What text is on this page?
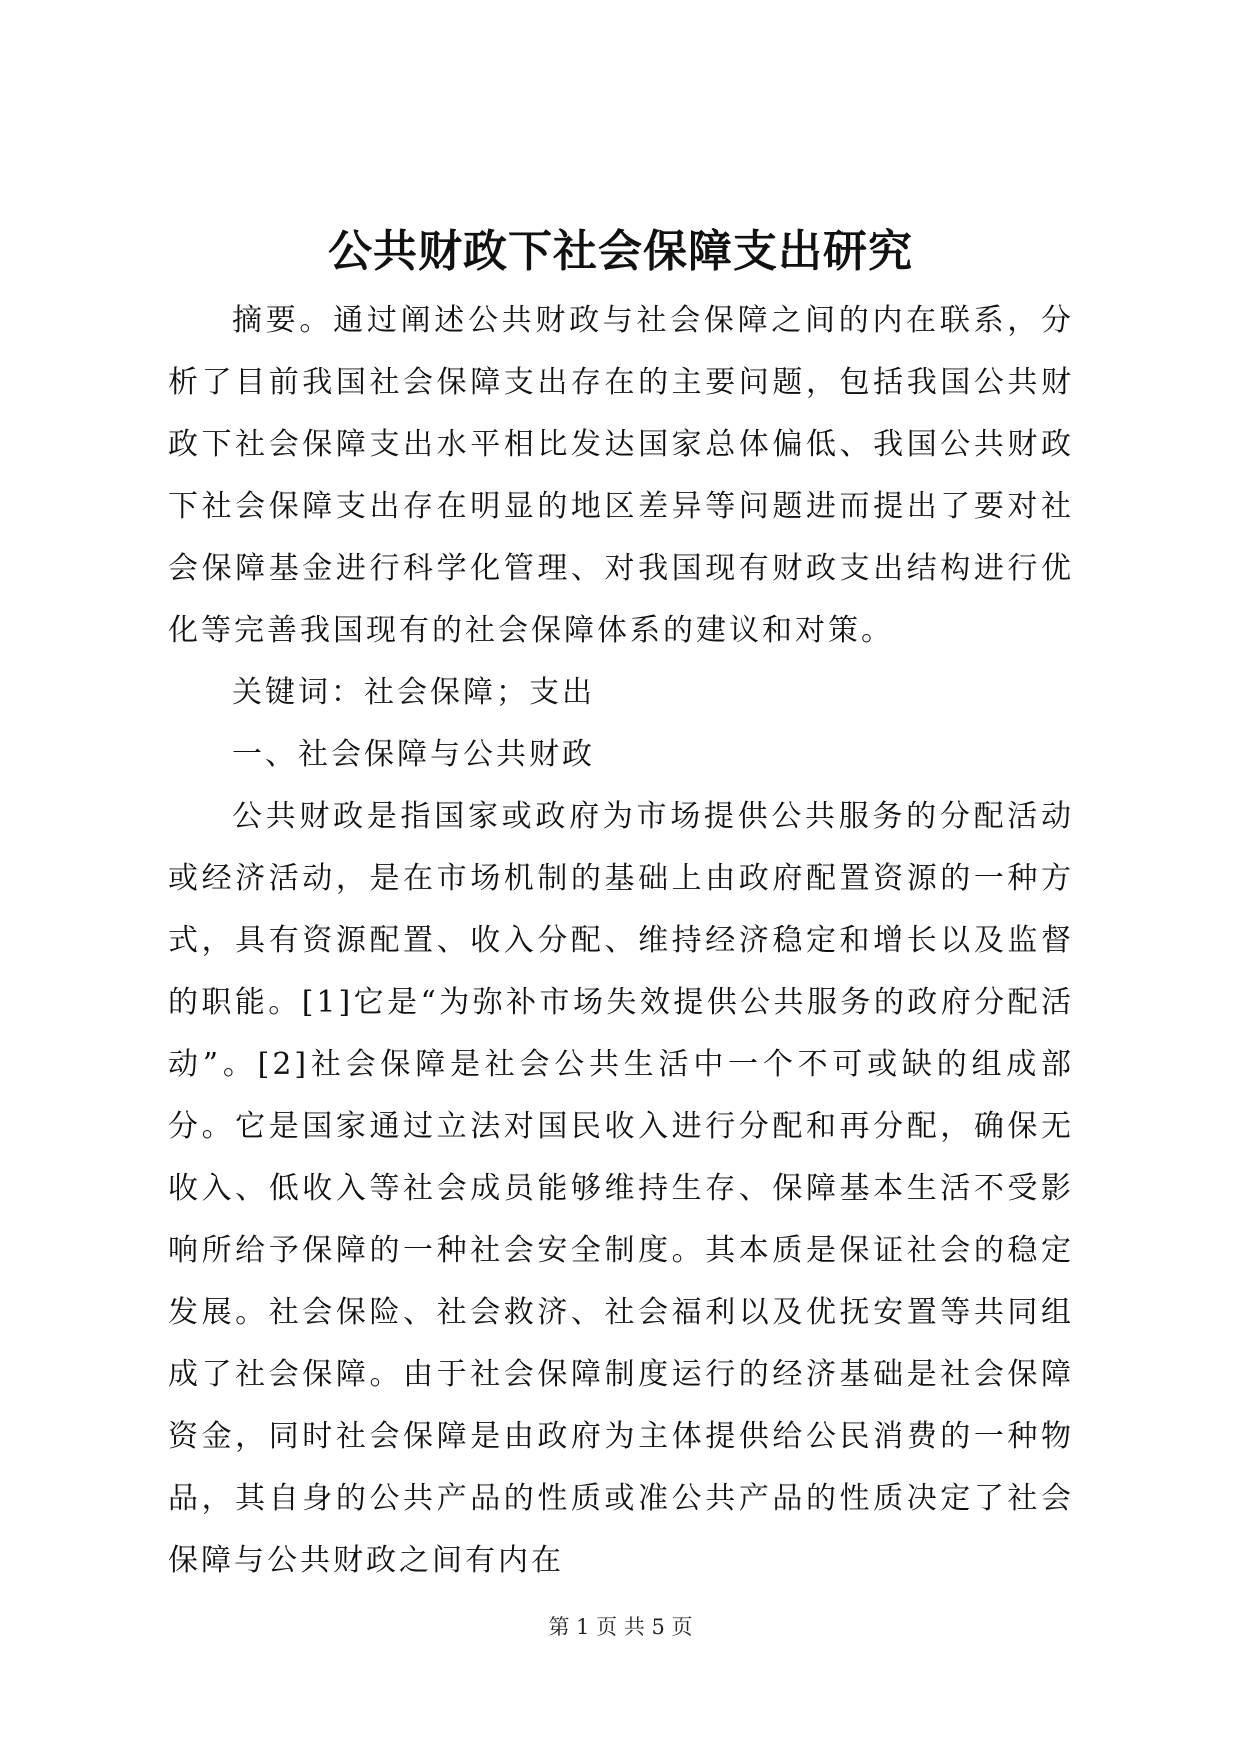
公共财政下社会保障支出研究

摘要。通过阐述公共财政与社会保障之间的内在联系，分析了目前我国社会保障支出存在的主要问题，包括我国公共财政下社会保障支出水平相比发达国家总体偏低、我国公共财政下社会保障支出存在明显的地区差异等问题进而提出了要对社会保障基金进行科学化管理、对我国现有财政支出结构进行优化等完善我国现有的社会保障体系的建议和对策。

关键词：社会保障；支出

一、社会保障与公共财政

公共财政是指国家或政府为市场提供公共服务的分配活动或经济活动，是在市场机制的基础上由政府配置资源的一种方式，具有资源配置、收入分配、维持经济稳定和增长以及监督的职能。[1]它是“为弥补市场失效提供公共服务的政府分配活动”。[2]社会保障是社会公共生活中一个不可或缺的组成部分。它是国家通过立法对国民收入进行分配和再分配，确保无收入、低收入等社会成员能够维持生存、保障基本生活不受影响所给予保障的一种社会安全制度。其本质是保证社会的稳定发展。社会保险、社会救济、社会福利以及优抚安置等共同组成了社会保障。由于社会保障制度运行的经济基础是社会保障资金，同时社会保障是由政府为主体提供给公民消费的一种物品，其自身的公共产品的性质或准公共产品的性质决定了社会保障与公共财政之间有内在

第 1 页 共 5 页
